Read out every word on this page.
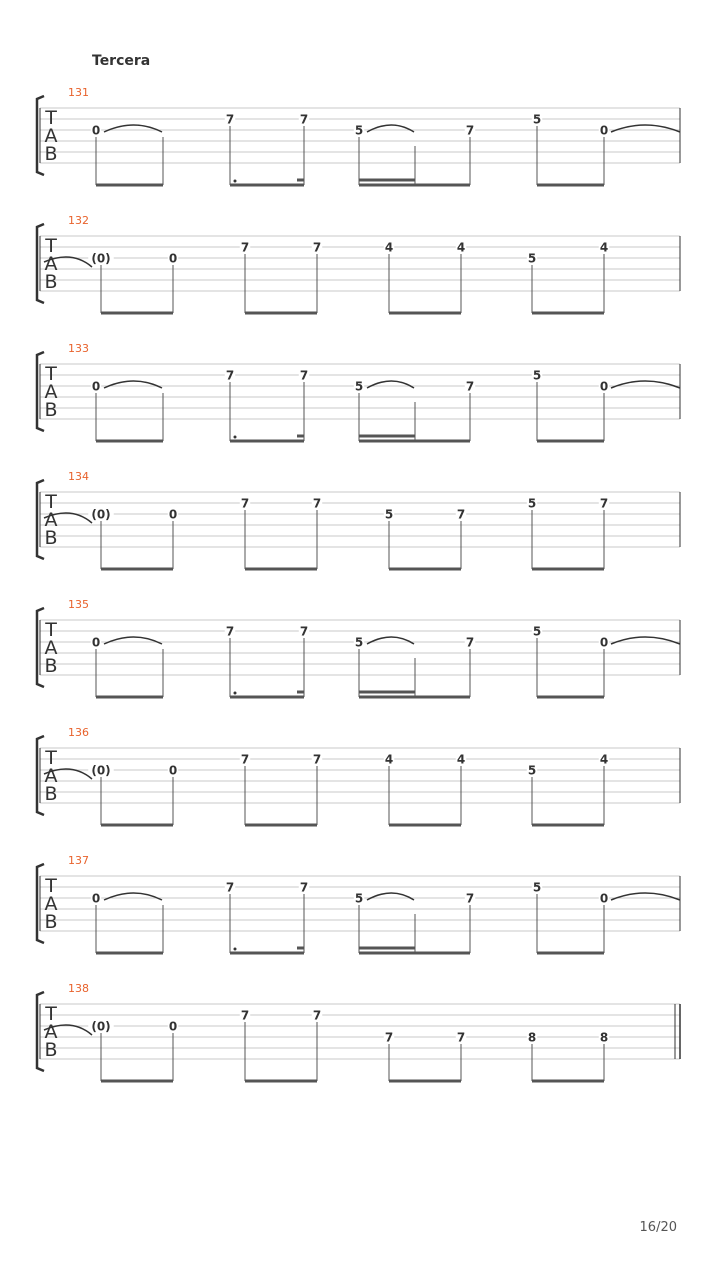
Tercera
131
T
A
B
0
7	7
5	7
5
0
132
T
A
B
(0)	0
7	7	4	4
5
4
133
T
A
B
0
7	7
5	7
5
0
134
T
A
B
(0)	0
7	7
5	7
5	7
135
T
A
B
0
7	7
5	7
5
0
136
T
A
B
(0)	0
7	7	4	4
5
4
137
T
A
B
0
7	7
5	7
5
0
138
T
A
B
(0)	0
7	7
7	7	8	8
16/20
